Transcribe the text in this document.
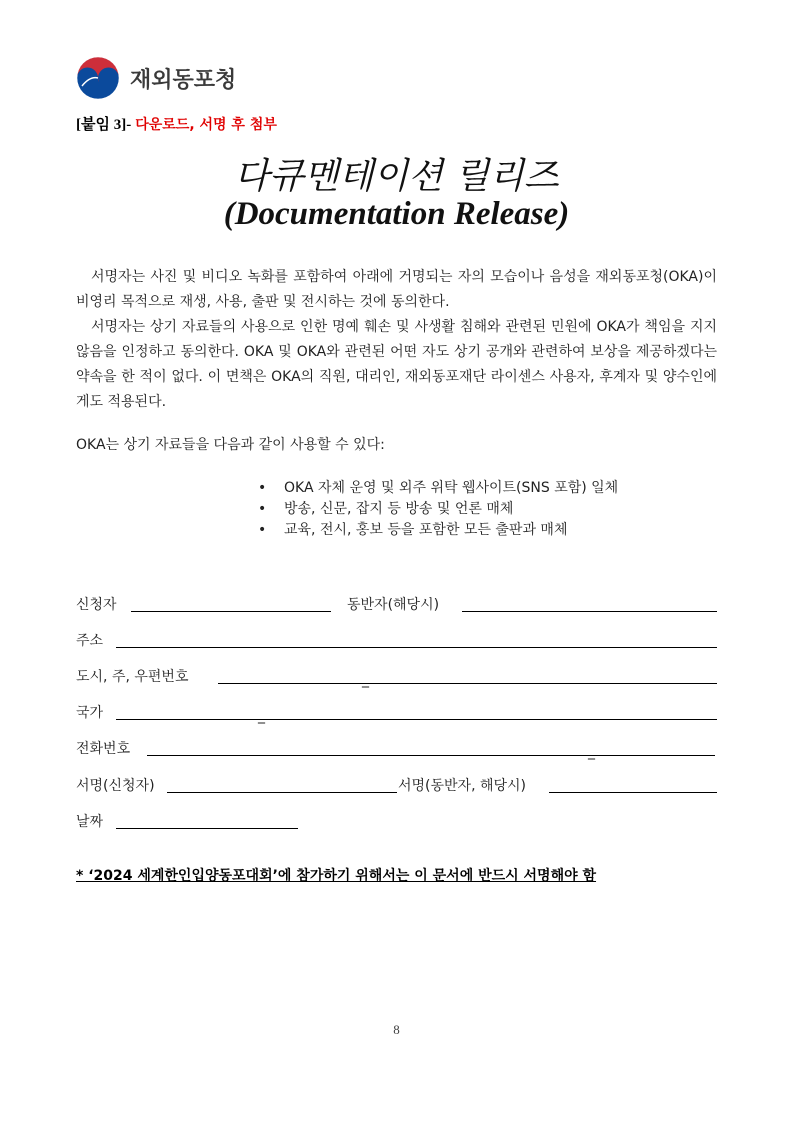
재외동포청
[붙임 3]- 다운로드, 서명 후 첨부
다큐멘테이션 릴리즈
(Documentation Release)

서명자는 사진 및 비디오 녹화를 포함하여 아래에 거명되는 자의 모습이나 음성을 재외동포청(OKA)이 비영리 목적으로 재생, 사용, 출판 및 전시하는 것에 동의한다.

서명자는 상기 자료들의 사용으로 인한 명예 훼손 및 사생활 침해와 관련된 민원에 OKA가 책임을 지지 않음을 인정하고 동의한다. OKA 및 OKA와 관련된 어떤 자도 상기 공개와 관련하여 보상을 제공하겠다는 약속을 한 적이 없다. 이 면책은 OKA의 직원, 대리인, 재외동포재단 라이센스 사용자, 후계자 및 양수인에게도 적용된다.

OKA는 상기 자료들을 다음과 같이 사용할 수 있다:
• OKA 자체 운영 및 외주 위탁 웹사이트(SNS 포함) 일체
• 방송, 신문, 잡지 등 방송 및 언론 매체
• 교육, 전시, 홍보 등을 포함한 모든 출판과 매체
신청자	동반자(해당시)
주소
도시, 주, 우편번호	_
국가	_
전화번호	_
서명(신청자)	서명(동반자, 해당시)
날짜
* ‘2024 세계한인입양동포대회’에 참가하기 위해서는 이 문서에 반드시 서명해야 함
8
